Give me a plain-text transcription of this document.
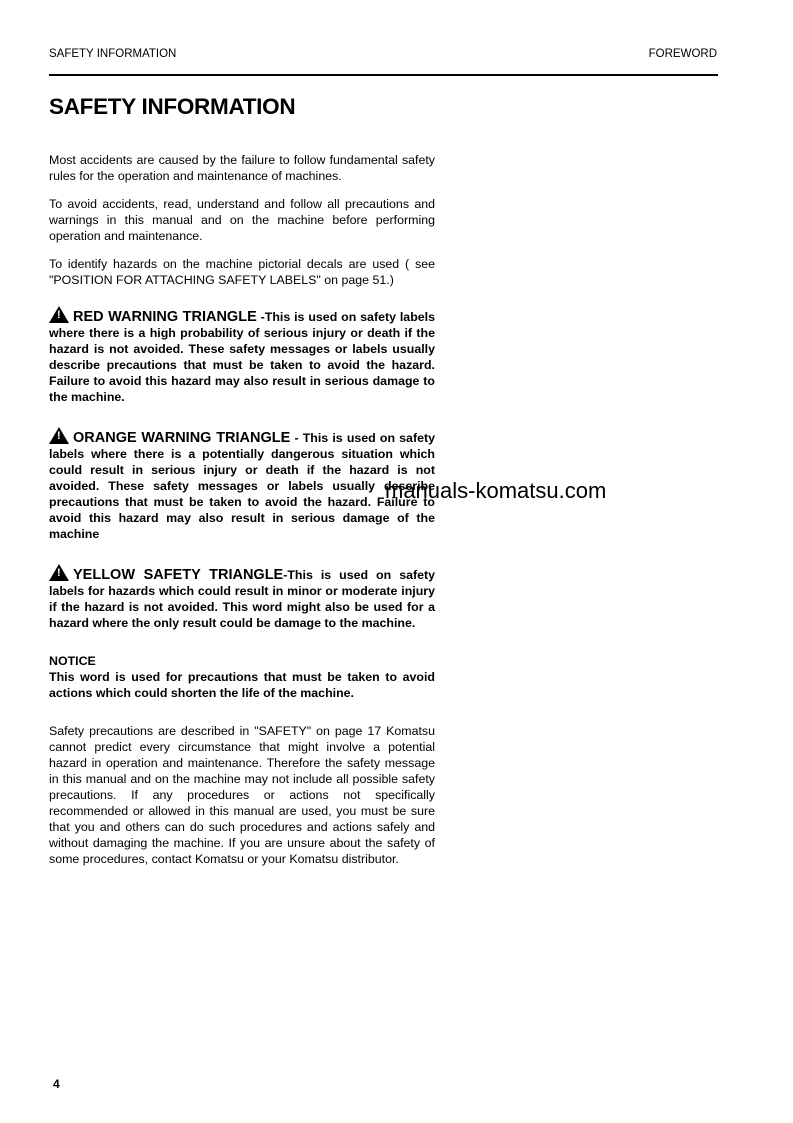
SAFETY INFORMATION	FOREWORD
SAFETY INFORMATION

Most accidents are caused by the failure to follow fundamental safety rules for the operation and maintenance of machines.

To avoid accidents, read, understand and follow all precautions and warnings in this manual and on the machine before performing operation and maintenance.

To identify hazards on the machine pictorial decals are used ( see "POSITION FOR ATTACHING SAFETY LABELS" on page 51.)

!RED WARNING TRIANGLE -This is used on safety labels where there is a high probability of serious injury or death if the hazard is not avoided. These safety messages or labels usually describe precautions that must be taken to avoid the hazard. Failure to avoid this hazard may also result in serious damage to the machine.

!ORANGE WARNING TRIANGLE - This is used on safety labels where there is a potentially dangerous situation which could result in serious injury or death if the hazard is not avoided. These safety messages or labels usually describe precautions that must be taken to avoid the hazard. Failure to avoid this hazard may also result in serious damage of the machine

!YELLOW SAFETY TRIANGLE-This is used on safety labels for hazards which could result in minor or moderate injury if the hazard is not avoided. This word might also be used for a hazard where the only result could be damage to the machine.

NOTICE
This word is used for precautions that must be taken to avoid actions which could shorten the life of the machine.

Safety precautions are described in "SAFETY" on page 17 Komatsu cannot predict every circumstance that might involve a potential hazard in operation and maintenance. Therefore the safety message in this manual and on the machine may not include all possible safety precautions. If any procedures or actions not specifically recommended or allowed in this manual are used, you must be sure that you and others can do such procedures and actions safely and without damaging the machine. If you are unsure about the safety of some procedures, contact Komatsu or your Komatsu distributor.

manuals-komatsu.com
4
